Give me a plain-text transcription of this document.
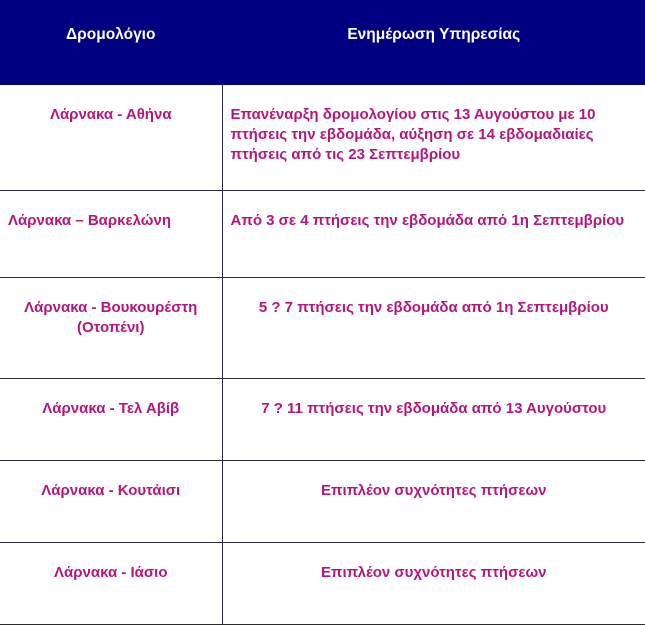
Δρομολόγιο	Ενημέρωση Υπηρεσίας
Λάρνακα - Αθήνα	Επανέναρξη δρομολογίου στις 13 Αυγούστου με 10 πτήσεις την εβδομάδα, αύξηση σε 14 εβδομαδιαίες πτήσεις από τις 23 Σεπτεμβρίου
Λάρνακα – Βαρκελώνη	Από 3 σε 4 πτήσεις την εβδομάδα από 1η Σεπτεμβρίου
Λάρνακα - Βουκουρέστη (Οτοπένι)	5 ? 7 πτήσεις την εβδομάδα από 1η Σεπτεμβρίου
Λάρνακα - Τελ Αβίβ	7 ? 11 πτήσεις την εβδομάδα από 13 Αυγούστου
Λάρνακα - Κουτάισι	Επιπλέον συχνότητες πτήσεων
Λάρνακα - Ιάσιο	Επιπλέον συχνότητες πτήσεων
